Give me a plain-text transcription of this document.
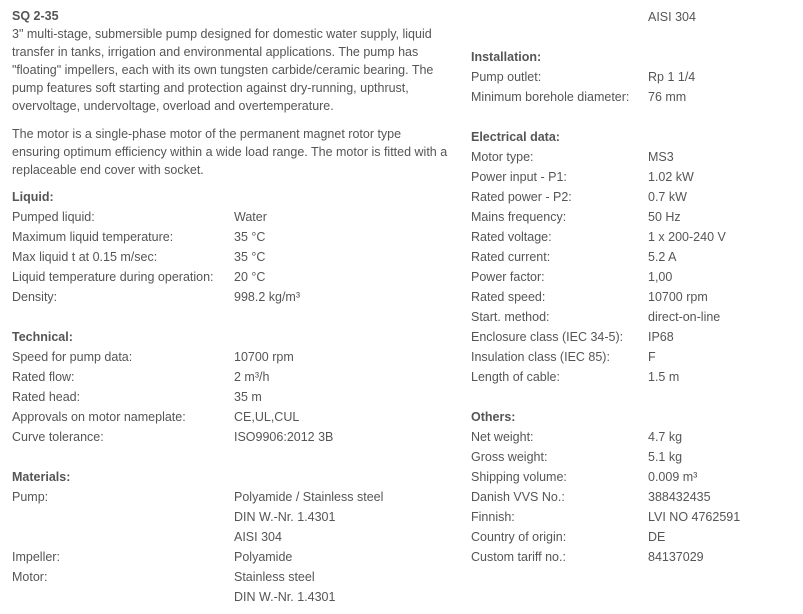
SQ 2-35

3" multi-stage, submersible pump designed for domestic water supply, liquid transfer in tanks, irrigation and environmental applications. The pump has "floating" impellers, each with its own tungsten carbide/ceramic bearing. The pump features soft starting and protection against dry-running, upthrust, overvoltage, undervoltage, overload and overtemperature.

The motor is a single-phase motor of the permanent magnet rotor type ensuring optimum efficiency within a wide load range. The motor is fitted with a replaceable end cover with socket.

Liquid:
Pumped liquid:	Water
Maximum liquid temperature:	35 °C
Max liquid t at 0.15 m/sec:	35 °C
Liquid temperature during operation: 20 °C
Density:	998.2 kg/m³
Technical:
Speed for pump data:	10700 rpm
Rated flow:	2 m³/h
Rated head:	35 m
Approvals on motor nameplate:	CE,UL,CUL
Curve tolerance:	ISO9906:2012 3B
Materials:
Pump:	Polyamide / Stainless steel
DIN W.-Nr. 1.4301
AISI 304
Impeller:	Polyamide
Motor:	Stainless steel
DIN W.-Nr. 1.4301
AISI 304
Installation:
Pump outlet:	Rp 1 1/4
Minimum borehole diameter: 76 mm
Electrical data:
Motor type:	MS3
Power input - P1:	1.02 kW
Rated power - P2:	0.7 kW
Mains frequency:	50 Hz
Rated voltage:	1 x 200-240 V
Rated current:	5.2 A
Power factor:	1,00
Rated speed:	10700 rpm
Start. method:	direct-on-line
Enclosure class (IEC 34-5): IP68
Insulation class (IEC 85):	F
Length of cable:	1.5 m
Others:
Net weight:	4.7 kg
Gross weight:	5.1 kg
Shipping volume:	0.009 m³
Danish VVS No.:	388432435
Finnish:	LVI NO 4762591
Country of origin:	DE
Custom tariff no.:	84137029
